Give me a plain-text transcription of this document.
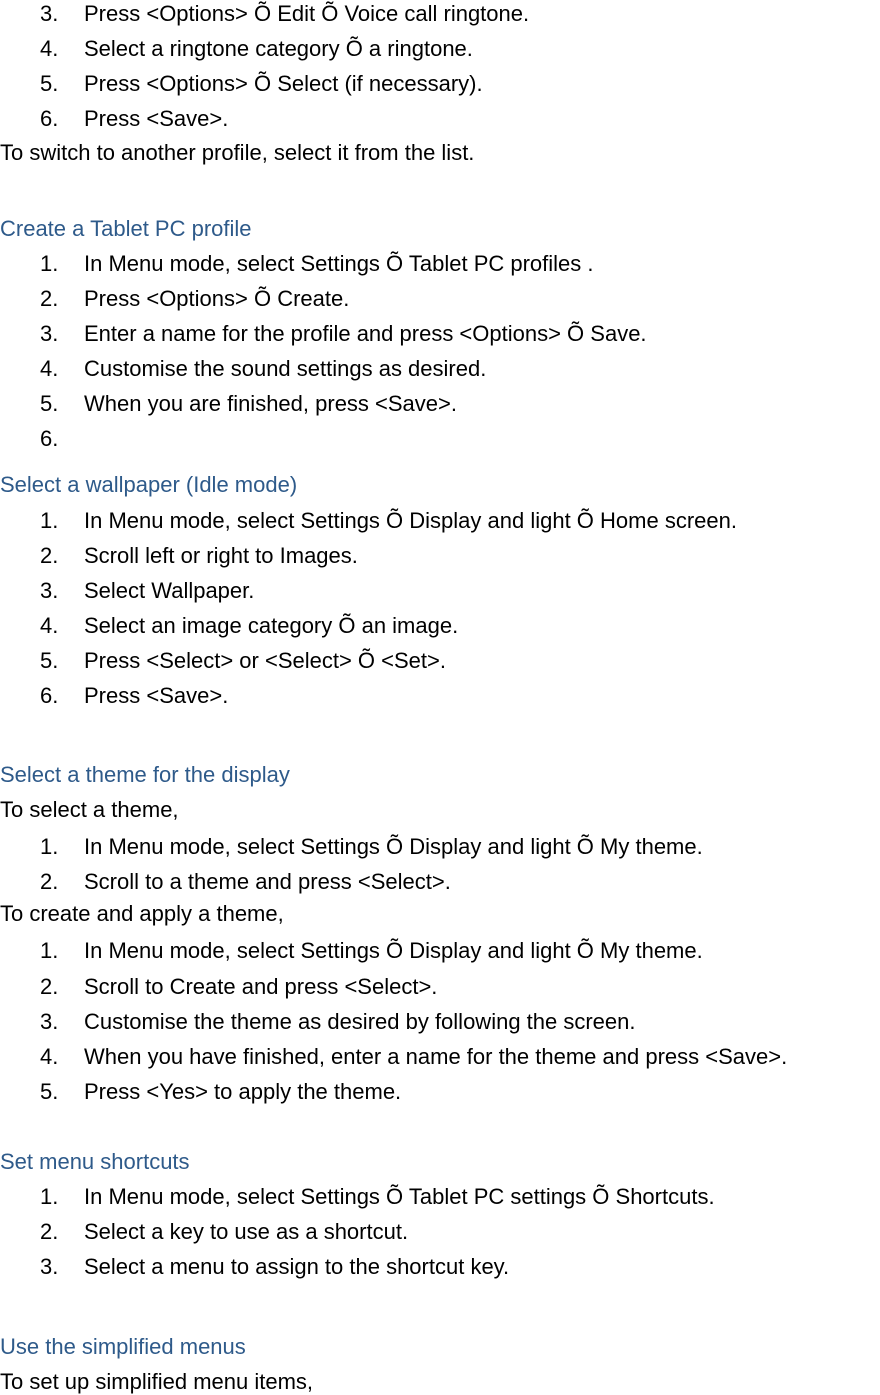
3. Press <Options> Õ Edit Õ Voice call ringtone.
4. Select a ringtone category Õ a ringtone.
5. Press <Options> Õ Select (if necessary).
6. Press <Save>.
To switch to another profile, select it from the list.
Create a Tablet PC profile
1. In Menu mode, select Settings Õ Tablet PC profiles .
2. Press <Options> Õ Create.
3. Enter a name for the profile and press <Options> Õ Save.
4. Customise the sound settings as desired.
5. When you are finished, press <Save>.
6.
Select a wallpaper (Idle mode)
1. In Menu mode, select Settings Õ Display and light Õ Home screen.
2. Scroll left or right to Images.
3. Select Wallpaper.
4. Select an image category Õ an image.
5. Press <Select> or <Select> Õ <Set>.
6. Press <Save>.
Select a theme for the display
To select a theme,
1. In Menu mode, select Settings Õ Display and light Õ My theme.
2. Scroll to a theme and press <Select>.
To create and apply a theme,
1. In Menu mode, select Settings Õ Display and light Õ My theme.
2. Scroll to Create and press <Select>.
3. Customise the theme as desired by following the screen.
4. When you have finished, enter a name for the theme and press <Save>.
5. Press <Yes> to apply the theme.
Set menu shortcuts
1. In Menu mode, select Settings Õ Tablet PC settings Õ Shortcuts.
2. Select a key to use as a shortcut.
3. Select a menu to assign to the shortcut key.
Use the simplified menus
To set up simplified menu items,
